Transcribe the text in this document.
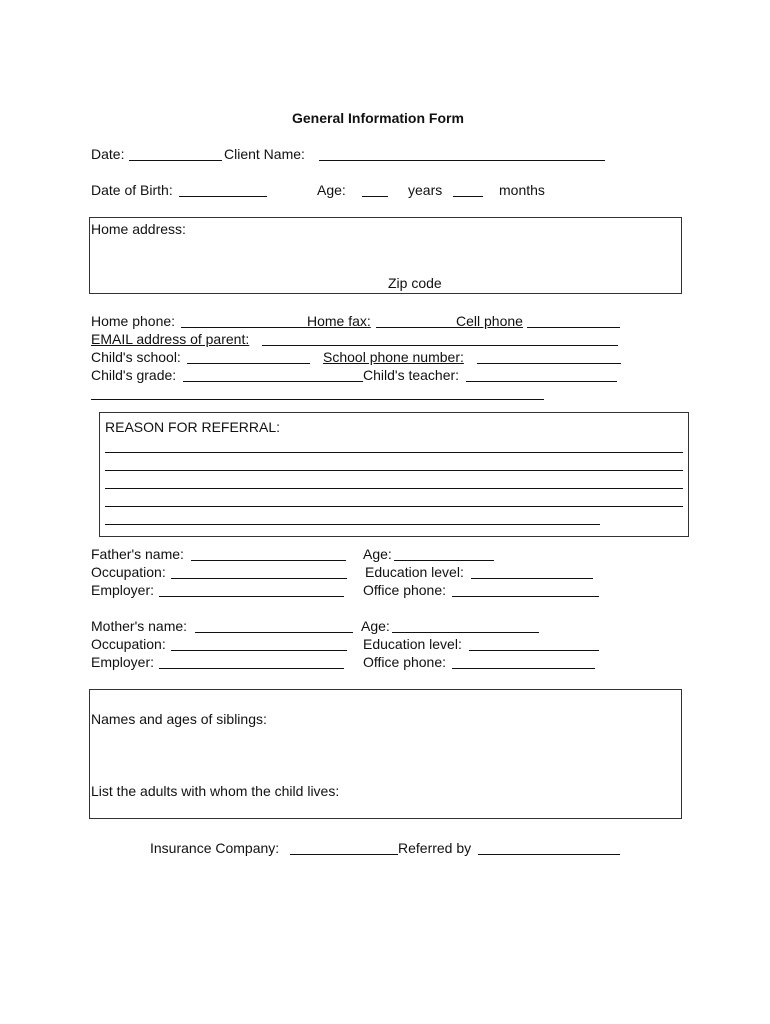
General Information Form
Date:	Client Name:
Date of Birth:	Age:	years	months
Home address:
Zip code
Home phone:	Home fax:	Cell phone
EMAIL address of parent:
Child's school:	School phone number:
Child's grade:	Child's teacher:
REASON FOR REFERRAL:
Father's name:	Age:
Occupation:	Education level:
Employer:	Office phone:
Mother's name:	Age:
Occupation:	Education level:
Employer:	Office phone:
Names and ages of siblings:
List the adults with whom the child lives:
Insurance Company:	Referred by
